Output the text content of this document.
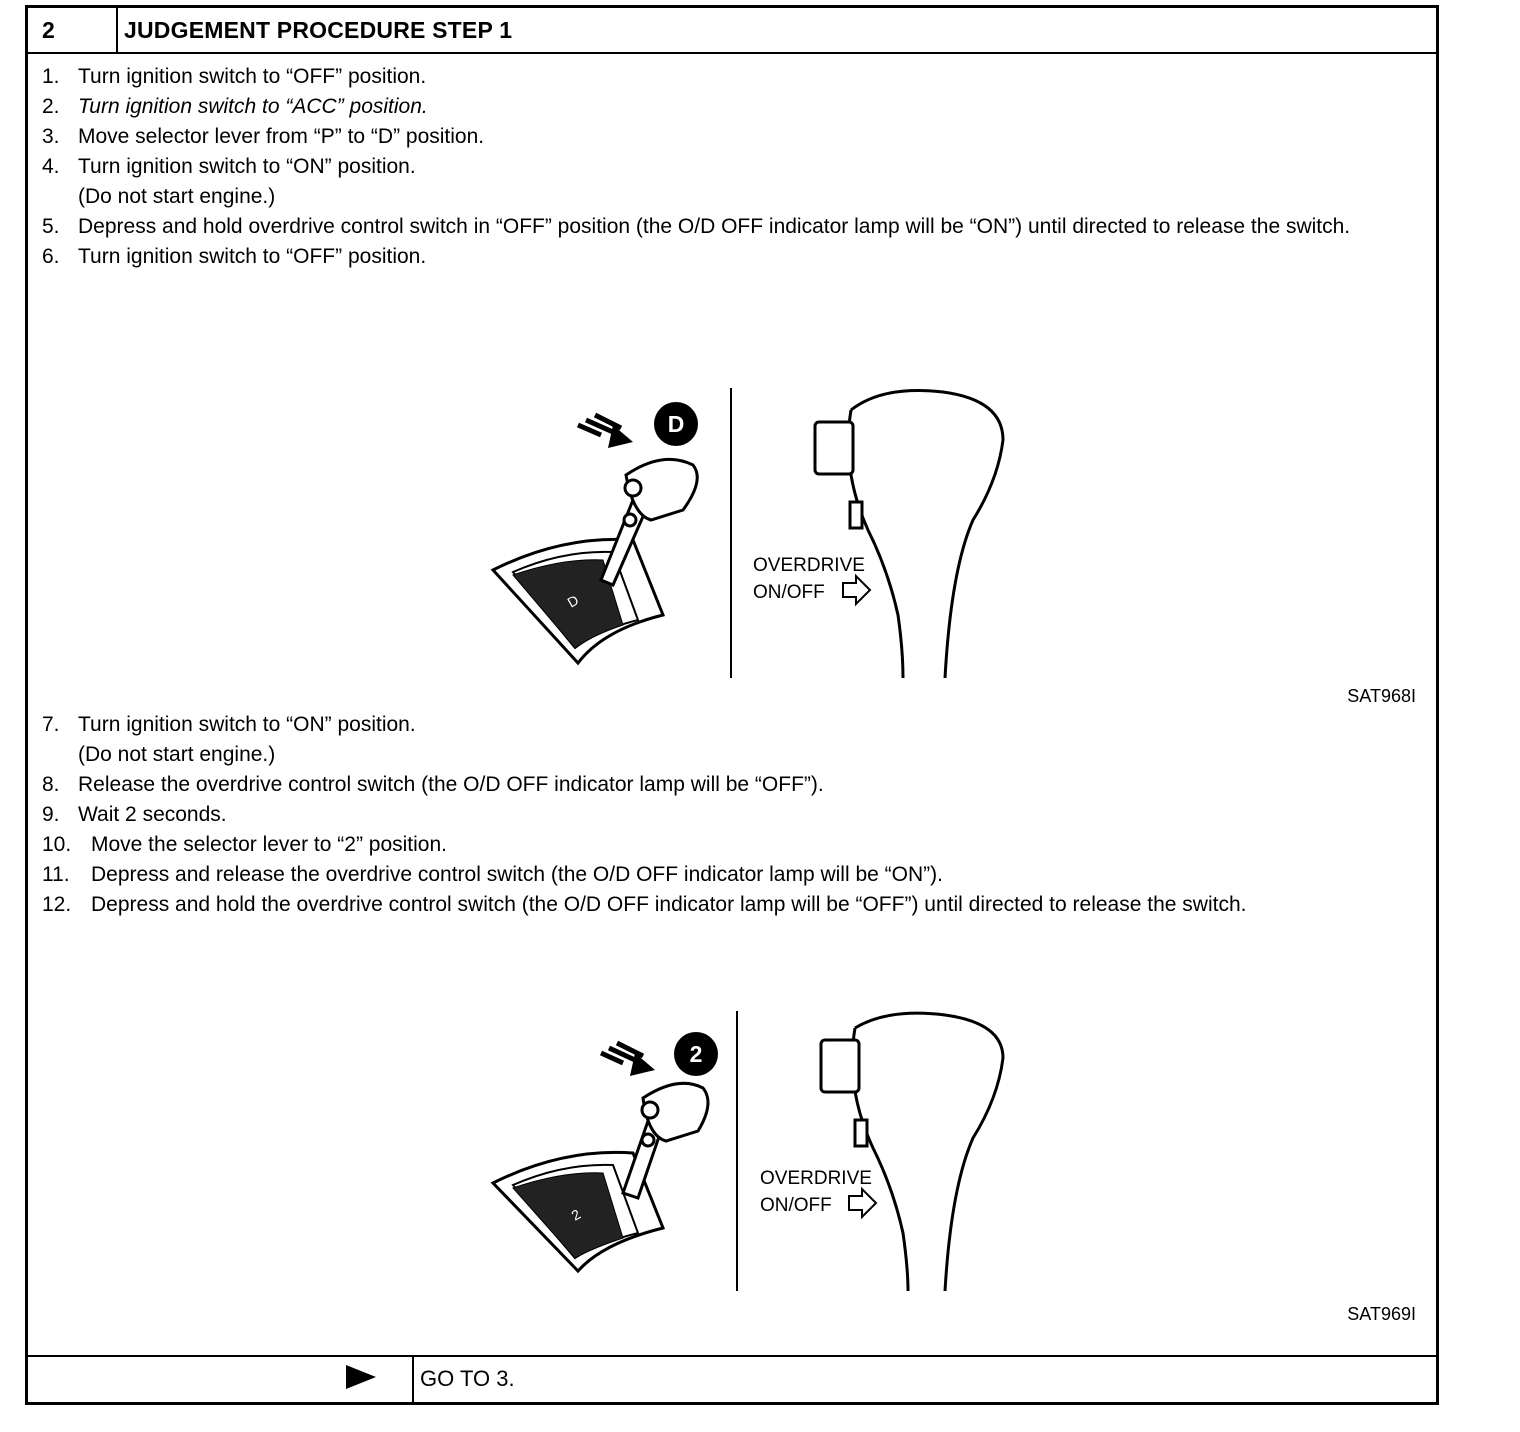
2	JUDGEMENT PROCEDURE STEP 1
1. Turn ignition switch to “OFF” position.
2. Turn ignition switch to “ACC” position.
3. Move selector lever from “P” to “D” position.
4. Turn ignition switch to “ON” position.
(Do not start engine.)
5. Depress and hold overdrive control switch in “OFF” position (the O/D OFF indicator lamp will be “ON”) until directed to release the switch.
6. Turn ignition switch to “OFF” position.
D
D
OVERDRIVE
ON/OFF
SAT968I
7. Turn ignition switch to “ON” position.
(Do not start engine.)
8. Release the overdrive control switch (the O/D OFF indicator lamp will be “OFF”).
9. Wait 2 seconds.
10. Move the selector lever to “2” position.
11.	Depress and release the overdrive control switch (the O/D OFF indicator lamp will be “ON”).
12. Depress and hold the overdrive control switch (the O/D OFF indicator lamp will be “OFF”) until directed to release the switch.
2
2
OVERDRIVE
ON/OFF
SAT969I
GO TO 3.
